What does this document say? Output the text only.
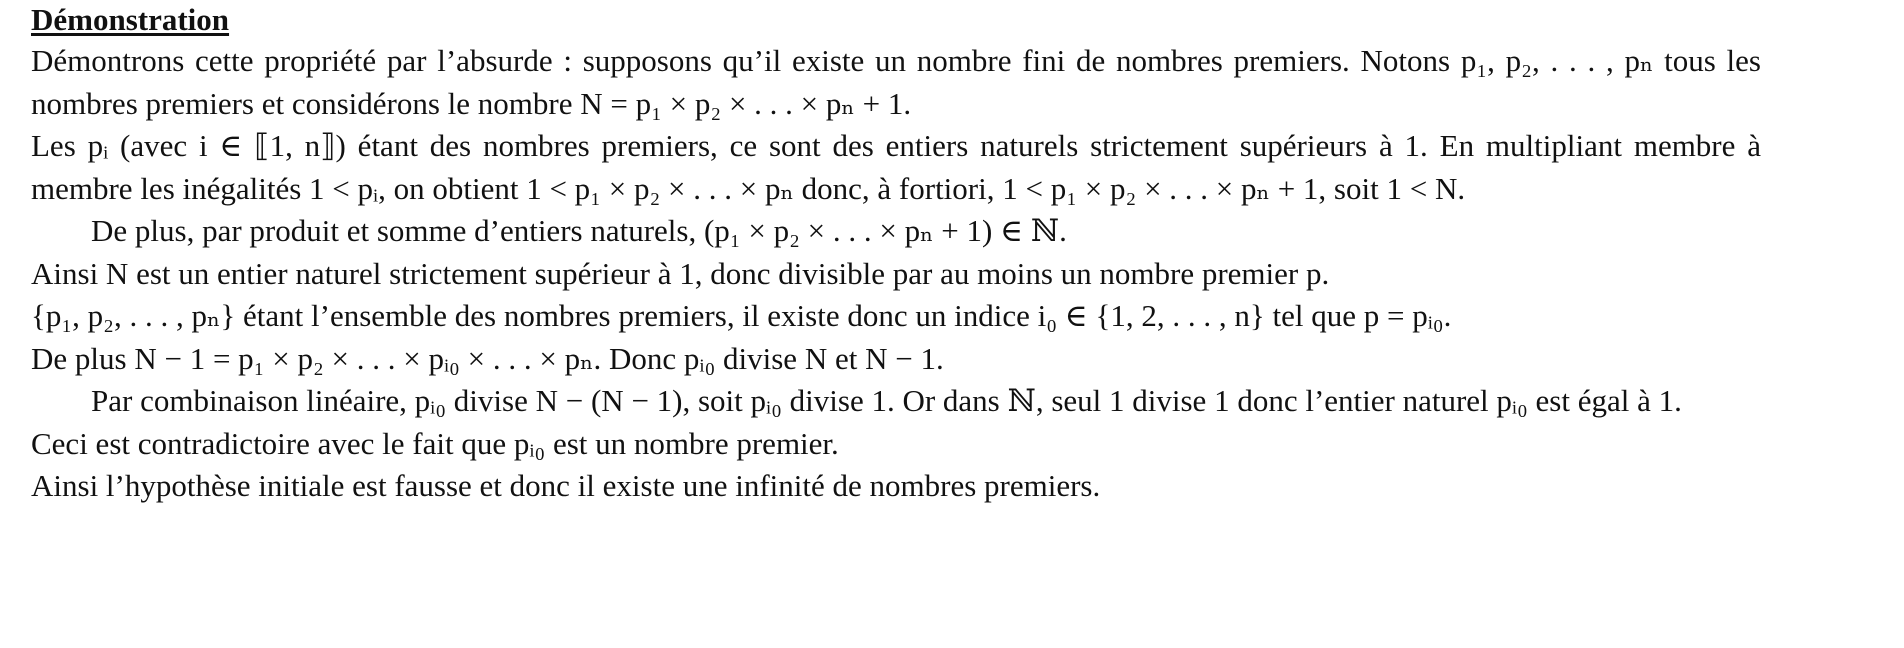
Démonstration

Démontrons cette propriété par l’absurde : supposons qu’il existe un nombre fini de nombres premiers. Notons p₁, p₂, . . . , pₙ tous les nombres premiers et considérons le nombre N = p₁ × p₂ × . . . × pₙ + 1.

Les pᵢ (avec i ∈ ⟦1, n⟧) étant des nombres premiers, ce sont des entiers naturels strictement supérieurs à 1. En multipliant membre à membre les inégalités 1 < pᵢ, on obtient 1 < p₁ × p₂ × . . . × pₙ donc, à fortiori, 1 < p₁ × p₂ × . . . × pₙ + 1, soit 1 < N.

De plus, par produit et somme d’entiers naturels, (p₁ × p₂ × . . . × pₙ + 1) ∈ ℕ.

Ainsi N est un entier naturel strictement supérieur à 1, donc divisible par au moins un nombre premier p.

{p₁, p₂, . . . , pₙ} étant l’ensemble des nombres premiers, il existe donc un indice i₀ ∈ {1, 2, . . . , n} tel que p = pᵢ₀.

De plus N − 1 = p₁ × p₂ × . . . × pᵢ₀ × . . . × pₙ. Donc pᵢ₀ divise N et N − 1.

Par combinaison linéaire, pᵢ₀ divise N − (N − 1), soit pᵢ₀ divise 1. Or dans ℕ, seul 1 divise 1 donc l’entier naturel pᵢ₀ est égal à 1.

Ceci est contradictoire avec le fait que pᵢ₀ est un nombre premier.

Ainsi l’hypothèse initiale est fausse et donc il existe une infinité de nombres premiers.
